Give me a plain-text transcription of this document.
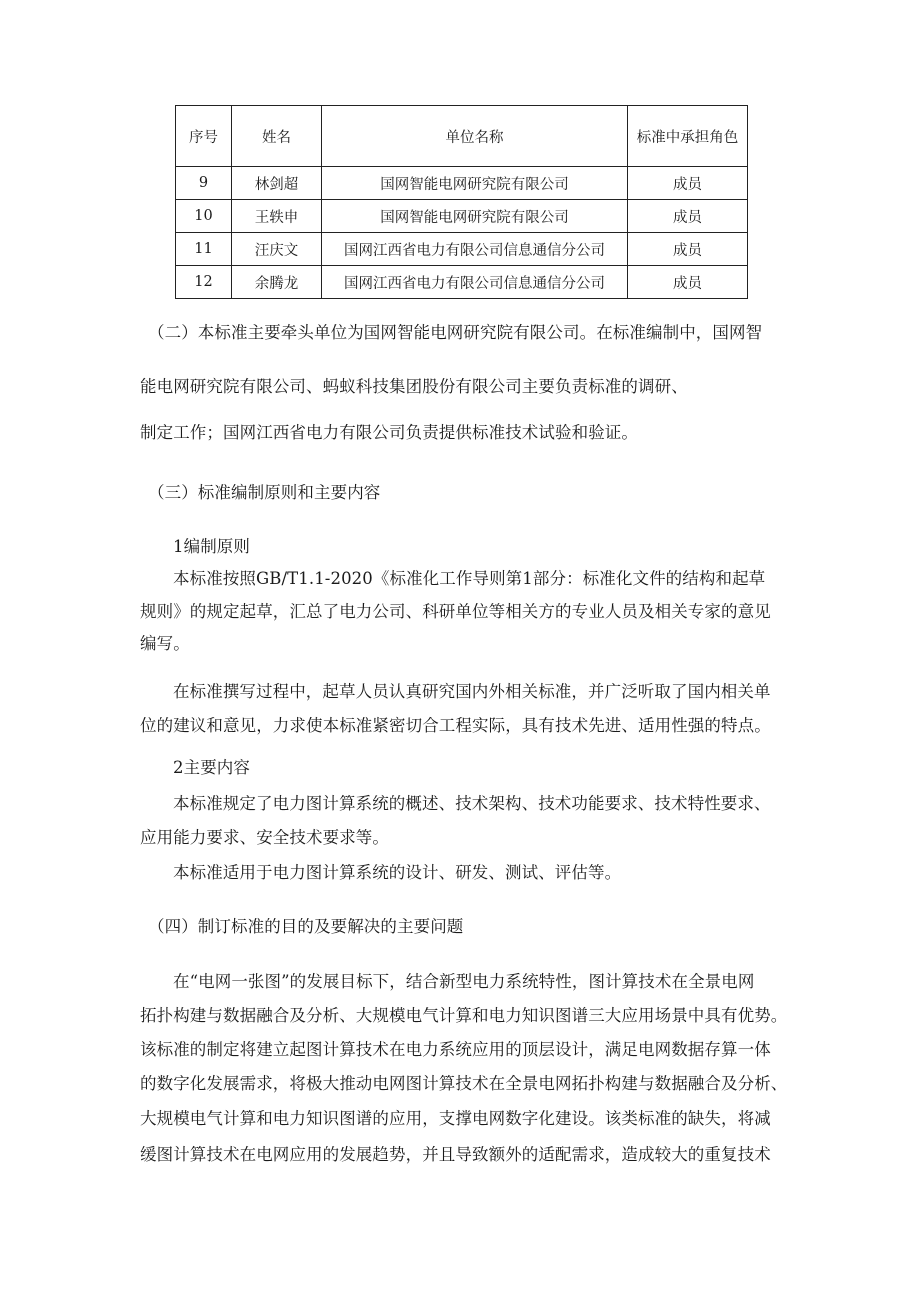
序号	姓名	单位名称	标准中承担角色
9	林剑超	国网智能电网研究院有限公司	成员
10	王轶申	国网智能电网研究院有限公司	成员
11	汪庆文	国网江西省电力有限公司信息通信分公司	成员
12	余腾龙	国网江西省电力有限公司信息通信分公司	成员

（二）本标准主要牵头单位为国网智能电网研究院有限公司。在标准编制中，国网智

能电网研究院有限公司、蚂蚁科技集团股份有限公司主要负责标准的调研、

制定工作；国网江西省电力有限公司负责提供标准技术试验和验证。

（三）标准编制原则和主要内容

1编制原则

本标准按照GB/T1.1-2020《标准化工作导则第1部分：标准化文件的结构和起草

规则》的规定起草，汇总了电力公司、科研单位等相关方的专业人员及相关专家的意见

编写。

在标准撰写过程中，起草人员认真研究国内外相关标准，并广泛听取了国内相关单

位的建议和意见，力求使本标准紧密切合工程实际，具有技术先进、适用性强的特点。

2主要内容

本标准规定了电力图计算系统的概述、技术架构、技术功能要求、技术特性要求、

应用能力要求、安全技术要求等。

本标准适用于电力图计算系统的设计、研发、测试、评估等。

（四）制订标准的目的及要解决的主要问题

在“电网一张图”的发展目标下，结合新型电力系统特性，图计算技术在全景电网

拓扑构建与数据融合及分析、大规模电气计算和电力知识图谱三大应用场景中具有优势。

该标准的制定将建立起图计算技术在电力系统应用的顶层设计，满足电网数据存算一体

的数字化发展需求，将极大推动电网图计算技术在全景电网拓扑构建与数据融合及分析、

大规模电气计算和电力知识图谱的应用，支撑电网数字化建设。该类标准的缺失，将减

缓图计算技术在电网应用的发展趋势，并且导致额外的适配需求，造成较大的重复技术
